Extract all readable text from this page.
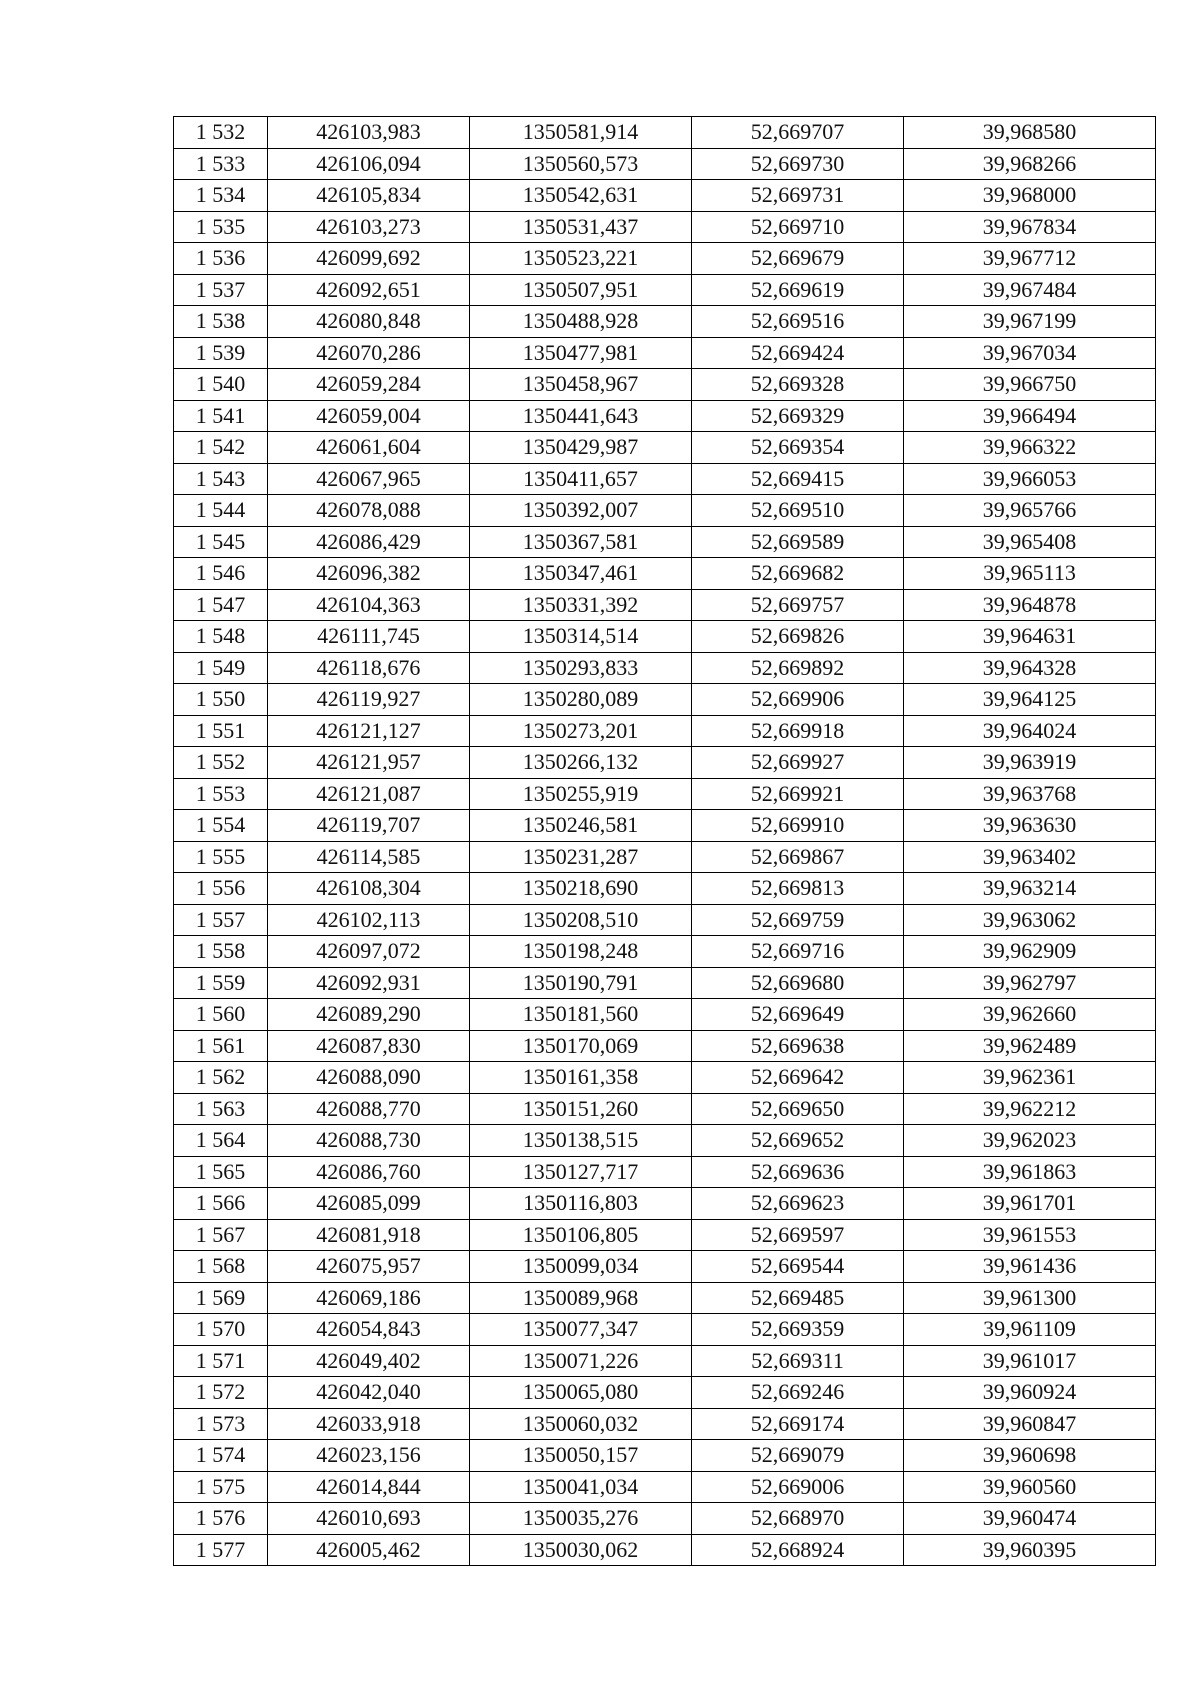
1 532	426103,983	1350581,914	52,669707	39,968580
1 533	426106,094	1350560,573	52,669730	39,968266
1 534	426105,834	1350542,631	52,669731	39,968000
1 535	426103,273	1350531,437	52,669710	39,967834
1 536	426099,692	1350523,221	52,669679	39,967712
1 537	426092,651	1350507,951	52,669619	39,967484
1 538	426080,848	1350488,928	52,669516	39,967199
1 539	426070,286	1350477,981	52,669424	39,967034
1 540	426059,284	1350458,967	52,669328	39,966750
1 541	426059,004	1350441,643	52,669329	39,966494
1 542	426061,604	1350429,987	52,669354	39,966322
1 543	426067,965	1350411,657	52,669415	39,966053
1 544	426078,088	1350392,007	52,669510	39,965766
1 545	426086,429	1350367,581	52,669589	39,965408
1 546	426096,382	1350347,461	52,669682	39,965113
1 547	426104,363	1350331,392	52,669757	39,964878
1 548	426111,745	1350314,514	52,669826	39,964631
1 549	426118,676	1350293,833	52,669892	39,964328
1 550	426119,927	1350280,089	52,669906	39,964125
1 551	426121,127	1350273,201	52,669918	39,964024
1 552	426121,957	1350266,132	52,669927	39,963919
1 553	426121,087	1350255,919	52,669921	39,963768
1 554	426119,707	1350246,581	52,669910	39,963630
1 555	426114,585	1350231,287	52,669867	39,963402
1 556	426108,304	1350218,690	52,669813	39,963214
1 557	426102,113	1350208,510	52,669759	39,963062
1 558	426097,072	1350198,248	52,669716	39,962909
1 559	426092,931	1350190,791	52,669680	39,962797
1 560	426089,290	1350181,560	52,669649	39,962660
1 561	426087,830	1350170,069	52,669638	39,962489
1 562	426088,090	1350161,358	52,669642	39,962361
1 563	426088,770	1350151,260	52,669650	39,962212
1 564	426088,730	1350138,515	52,669652	39,962023
1 565	426086,760	1350127,717	52,669636	39,961863
1 566	426085,099	1350116,803	52,669623	39,961701
1 567	426081,918	1350106,805	52,669597	39,961553
1 568	426075,957	1350099,034	52,669544	39,961436
1 569	426069,186	1350089,968	52,669485	39,961300
1 570	426054,843	1350077,347	52,669359	39,961109
1 571	426049,402	1350071,226	52,669311	39,961017
1 572	426042,040	1350065,080	52,669246	39,960924
1 573	426033,918	1350060,032	52,669174	39,960847
1 574	426023,156	1350050,157	52,669079	39,960698
1 575	426014,844	1350041,034	52,669006	39,960560
1 576	426010,693	1350035,276	52,668970	39,960474
1 577	426005,462	1350030,062	52,668924	39,960395
